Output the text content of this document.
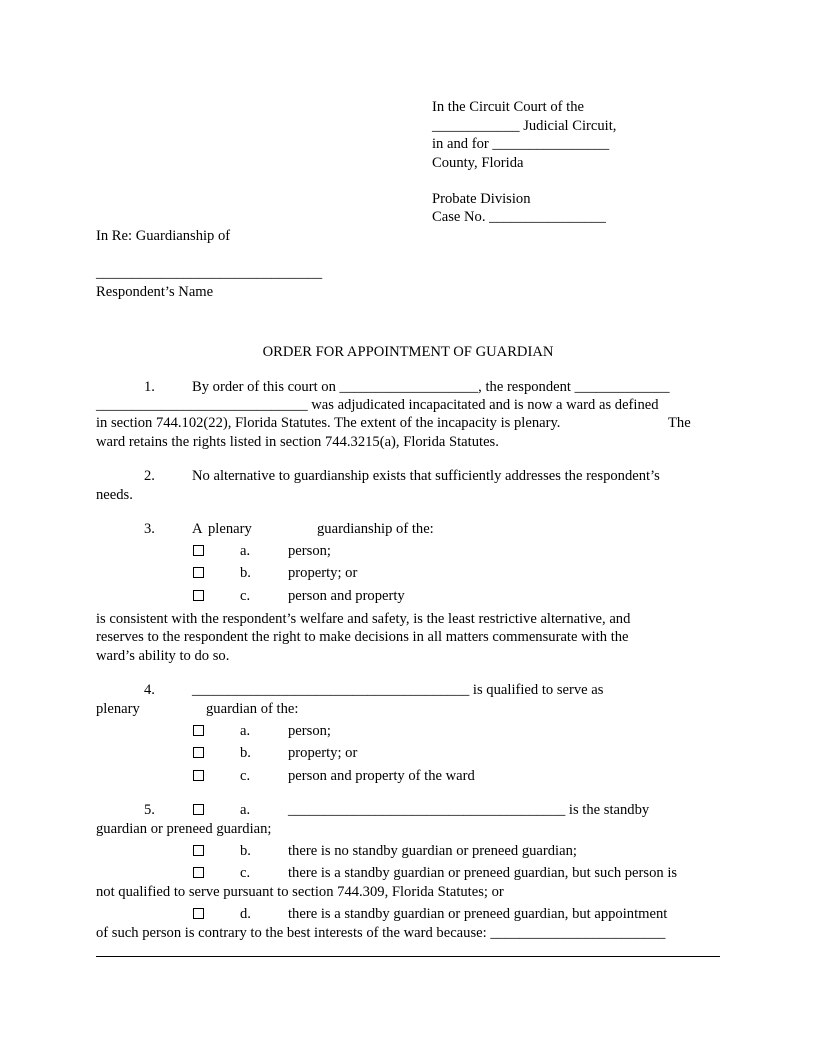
In the Circuit Court of the
____________ Judicial Circuit,
in and for ________________
County, Florida
Probate Division
Case No. ________________
In Re: Guardianship of
_______________________________
Respondent’s Name
ORDER FOR APPOINTMENT OF GUARDIAN
1.	By order of this court on ___________________, the respondent _____________
_____________________________ was adjudicated incapacitated and is now a ward as defined
in section 744.102(22), Florida Statutes. The extent of the incapacity is plenary.	The
ward retains the rights listed in section 744.3215(a), Florida Statutes.
2.	No alternative to guardianship exists that sufficiently addresses the respondent’s
needs.
3.	A plenary	guardianship of the:
a.	person;
b.	property; or
c.	person and property
is consistent with the respondent’s welfare and safety, is the least restrictive alternative, and
reserves to the respondent the right to make decisions in all matters commensurate with the
ward’s ability to do so.
4.	______________________________________ is qualified to serve as
plenary	guardian of the:
a.	person;
b.	property; or
c.	person and property of the ward
5.	a.	______________________________________ is the standby
guardian or preneed guardian;
b.	there is no standby guardian or preneed guardian;
c.	there is a standby guardian or preneed guardian, but such person is
not qualified to serve pursuant to section 744.309, Florida Statutes; or
d.	there is a standby guardian or preneed guardian, but appointment
of such person is contrary to the best interests of the ward because: ________________________
